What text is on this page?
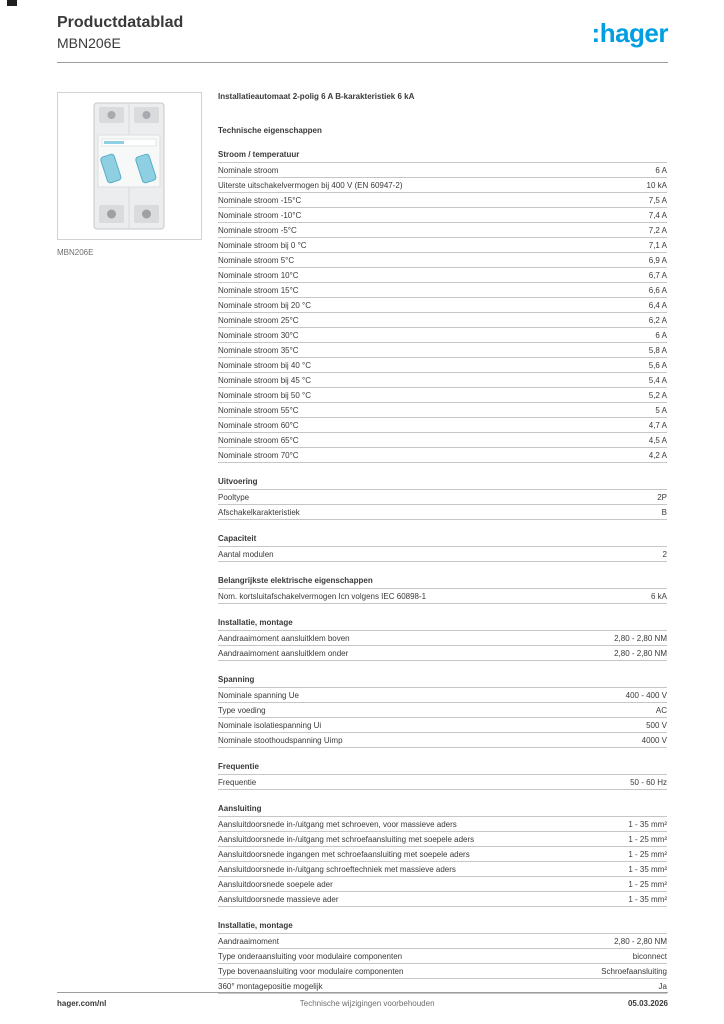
Productdatablad
MBN206E	:hager
MBN206E
Installatieautomaat 2-polig 6 A B-karakteristiek 6 kA
Technische eigenschappen
Stroom / temperatuur
Nominale stroom	6 A
Uiterste uitschakelvermogen bij 400 V (EN 60947-2)	10 kA
Nominale stroom -15°C	7,5 A
Nominale stroom -10°C	7,4 A
Nominale stroom -5°C	7,2 A
Nominale stroom bij 0 °C	7,1 A
Nominale stroom 5°C	6,9 A
Nominale stroom 10°C	6,7 A
Nominale stroom 15°C	6,6 A
Nominale stroom bij 20 °C	6,4 A
Nominale stroom 25°C	6,2 A
Nominale stroom 30°C	6 A
Nominale stroom 35°C	5,8 A
Nominale stroom bij 40 °C	5,6 A
Nominale stroom bij 45 °C	5,4 A
Nominale stroom bij 50 °C	5,2 A
Nominale stroom 55°C	5 A
Nominale stroom 60°C	4,7 A
Nominale stroom 65°C	4,5 A
Nominale stroom 70°C	4,2 A
Uitvoering
Pooltype	2P
Afschakelkarakteristiek	B
Capaciteit
Aantal modulen	2
Belangrijkste elektrische eigenschappen
Nom. kortsluitafschakelvermogen Icn volgens IEC 60898-1	6 kA
Installatie, montage
Aandraaimoment aansluitklem boven	2,80 - 2,80 NM
Aandraaimoment aansluitklem onder	2,80 - 2,80 NM
Spanning
Nominale spanning Ue	400 - 400 V
Type voeding	AC
Nominale isolatiespanning Ui	500 V
Nominale stoothoudspanning Uimp	4000 V
Frequentie
Frequentie	50 - 60 Hz
Aansluiting
Aansluitdoorsnede in-/uitgang met schroeven, voor massieve aders	1 - 35 mm²
Aansluitdoorsnede in-/uitgang met schroefaansluiting met soepele aders	1 - 25 mm²
Aansluitdoorsnede ingangen met schroefaansluiting met soepele aders	1 - 25 mm²
Aansluitdoorsnede in-/uitgang schroeftechniek met massieve aders	1 - 35 mm²
Aansluitdoorsnede soepele ader	1 - 25 mm²
Aansluitdoorsnede massieve ader	1 - 35 mm²
Installatie, montage
Aandraaimoment	2,80 - 2,80 NM
Type onderaansluiting voor modulaire componenten	biconnect
Type bovenaansluiting voor modulaire componenten	Schroefaansluiting
360° montagepositie mogelijk	Ja
hager.com/nl	Technische wijzigingen voorbehouden	05.03.2026
